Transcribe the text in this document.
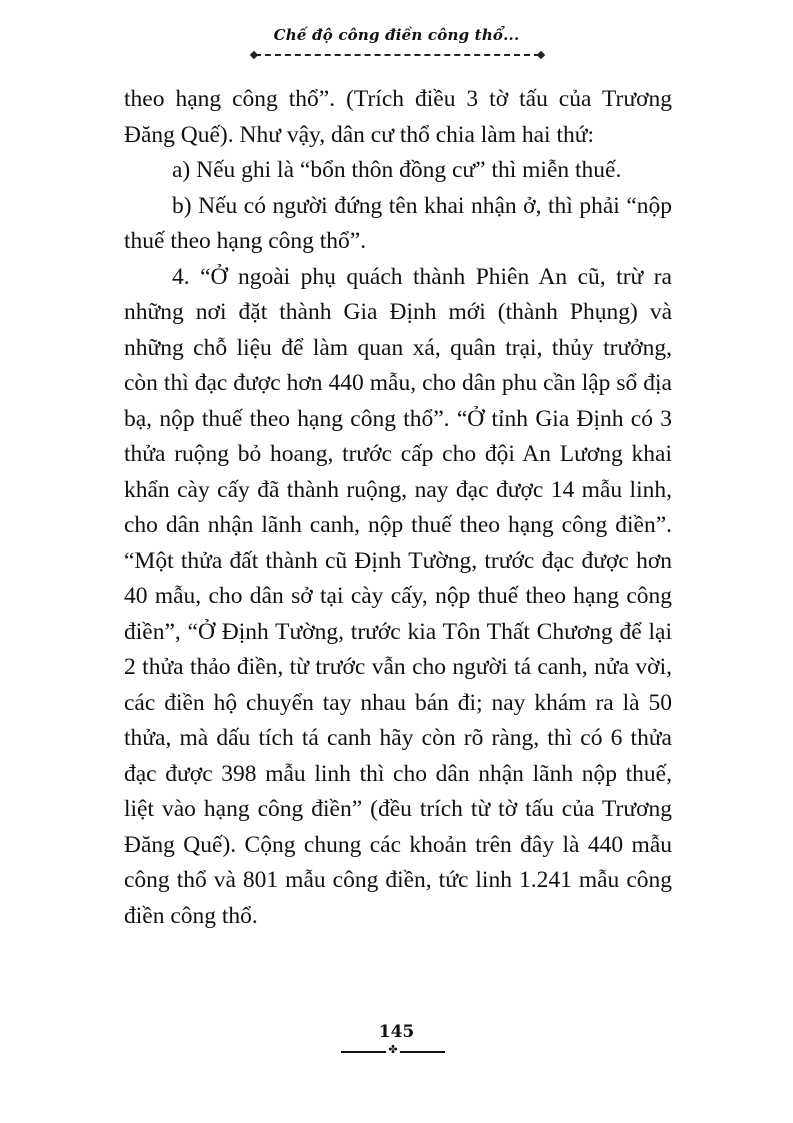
Chế độ công điền công thổ...

theo hạng công thổ”. (Trích điều 3 tờ tấu của Trương Đăng Quế). Như vậy, dân cư thổ chia làm hai thứ:

a) Nếu ghi là “bổn thôn đồng cư” thì miễn thuế.

b) Nếu có người đứng tên khai nhận ở, thì phải “nộp thuế theo hạng công thổ”.

4. “Ở ngoài phụ quách thành Phiên An cũ, trừ ra những nơi đặt thành Gia Định mới (thành Phụng) và những chỗ liệu để làm quan xá, quân trại, thủy trưởng, còn thì đạc được hơn 440 mẫu, cho dân phu cần lập sổ địa bạ, nộp thuế theo hạng công thổ”. “Ở tỉnh Gia Định có 3 thửa ruộng bỏ hoang, trước cấp cho đội An Lương khai khẩn cày cấy đã thành ruộng, nay đạc được 14 mẫu linh, cho dân nhận lãnh canh, nộp thuế theo hạng công điền”. “Một thửa đất thành cũ Định Tường, trước đạc được hơn 40 mẫu, cho dân sở tại cày cấy, nộp thuế theo hạng công điền”, “Ở Định Tường, trước kia Tôn Thất Chương để lại 2 thửa thảo điền, từ trước vẫn cho người tá canh, nửa vời, các điền hộ chuyển tay nhau bán đi; nay khám ra là 50 thửa, mà dấu tích tá canh hãy còn rõ ràng, thì có 6 thửa đạc được 398 mẫu linh thì cho dân nhận lãnh nộp thuế, liệt vào hạng công điền” (đều trích từ tờ tấu của Trương Đăng Quế). Cộng chung các khoản trên đây là 440 mẫu công thổ và 801 mẫu công điền, tức linh 1.241 mẫu công điền công thổ.

145
✤
